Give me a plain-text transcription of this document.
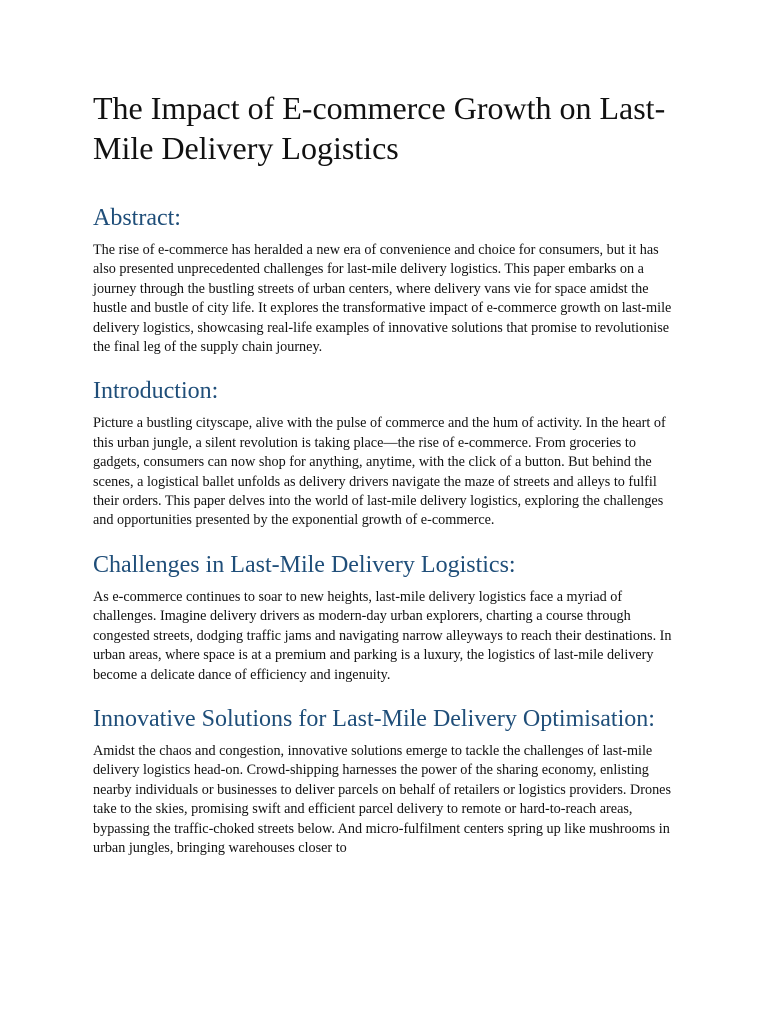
The Impact of E-commerce Growth on Last-Mile Delivery Logistics
Abstract:

The rise of e-commerce has heralded a new era of convenience and choice for consumers, but it has also presented unprecedented challenges for last-mile delivery logistics. This paper embarks on a journey through the bustling streets of urban centers, where delivery vans vie for space amidst the hustle and bustle of city life. It explores the transformative impact of e-commerce growth on last-mile delivery logistics, showcasing real-life examples of innovative solutions that promise to revolutionise the final leg of the supply chain journey.

Introduction:

Picture a bustling cityscape, alive with the pulse of commerce and the hum of activity. In the heart of this urban jungle, a silent revolution is taking place—the rise of e-commerce. From groceries to gadgets, consumers can now shop for anything, anytime, with the click of a button. But behind the scenes, a logistical ballet unfolds as delivery drivers navigate the maze of streets and alleys to fulfil their orders. This paper delves into the world of last-mile delivery logistics, exploring the challenges and opportunities presented by the exponential growth of e-commerce.

Challenges in Last-Mile Delivery Logistics:

As e-commerce continues to soar to new heights, last-mile delivery logistics face a myriad of challenges. Imagine delivery drivers as modern-day urban explorers, charting a course through congested streets, dodging traffic jams and navigating narrow alleyways to reach their destinations. In urban areas, where space is at a premium and parking is a luxury, the logistics of last-mile delivery become a delicate dance of efficiency and ingenuity.

Innovative Solutions for Last-Mile Delivery Optimisation:

Amidst the chaos and congestion, innovative solutions emerge to tackle the challenges of last-mile delivery logistics head-on. Crowd-shipping harnesses the power of the sharing economy, enlisting nearby individuals or businesses to deliver parcels on behalf of retailers or logistics providers. Drones take to the skies, promising swift and efficient parcel delivery to remote or hard-to-reach areas, bypassing the traffic-choked streets below. And micro-fulfilment centers spring up like mushrooms in urban jungles, bringing warehouses closer to
